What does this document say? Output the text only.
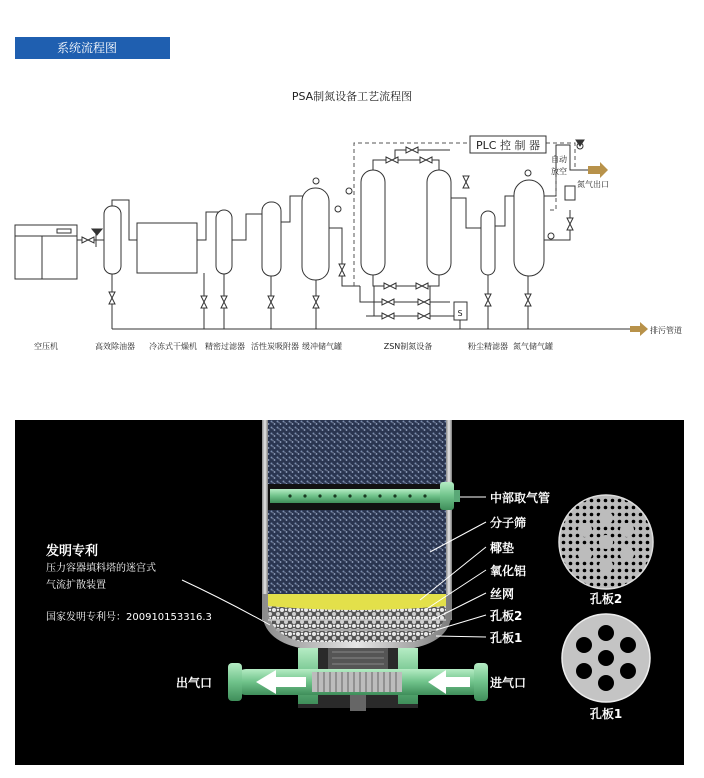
系统流程图
PSA制氮设备工艺流程图
PLC 控 制 器
自动
放空
氮气出口
S
排污管道
空压机	高效除油器 冷冻式干燥机 精密过滤器 活性炭吸附器 缓冲储气罐	ZSN制氮设备	粉尘精滤器 氮气储气罐
中部取气管
分子筛
椰垫
氧化铝
丝网
孔板2
孔板1
出气口	进气口
发明专利
压力容器填料塔的迷宫式
气流扩散装置
国家发明专利号：200910153316.3
孔板2
孔板1
